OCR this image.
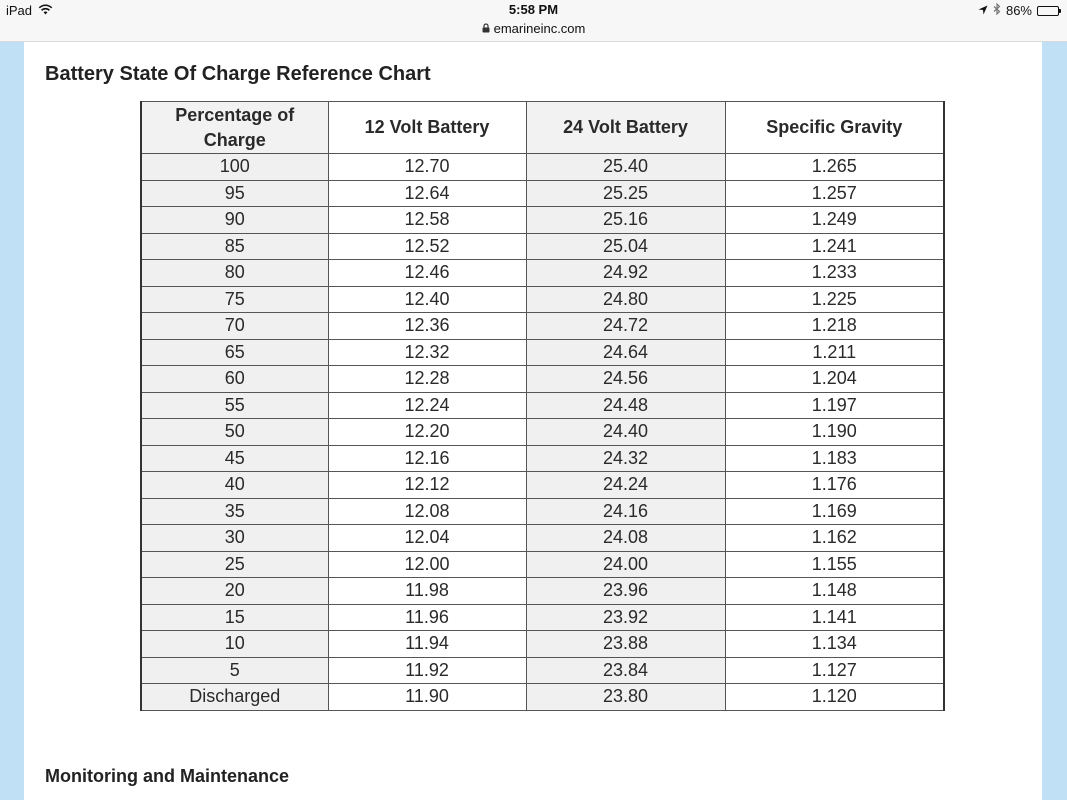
iPad	5:58 PM
emarineinc.com
86%
Battery State Of Charge Reference Chart
Percentage of Charge	12 Volt Battery	24 Volt Battery	Specific Gravity
100	12.70	25.40	1.265
95	12.64	25.25	1.257
90	12.58	25.16	1.249
85	12.52	25.04	1.241
80	12.46	24.92	1.233
75	12.40	24.80	1.225
70	12.36	24.72	1.218
65	12.32	24.64	1.211
60	12.28	24.56	1.204
55	12.24	24.48	1.197
50	12.20	24.40	1.190
45	12.16	24.32	1.183
40	12.12	24.24	1.176
35	12.08	24.16	1.169
30	12.04	24.08	1.162
25	12.00	24.00	1.155
20	11.98	23.96	1.148
15	11.96	23.92	1.141
10	11.94	23.88	1.134
5	11.92	23.84	1.127
Discharged	11.90	23.80	1.120
Monitoring and Maintenance
